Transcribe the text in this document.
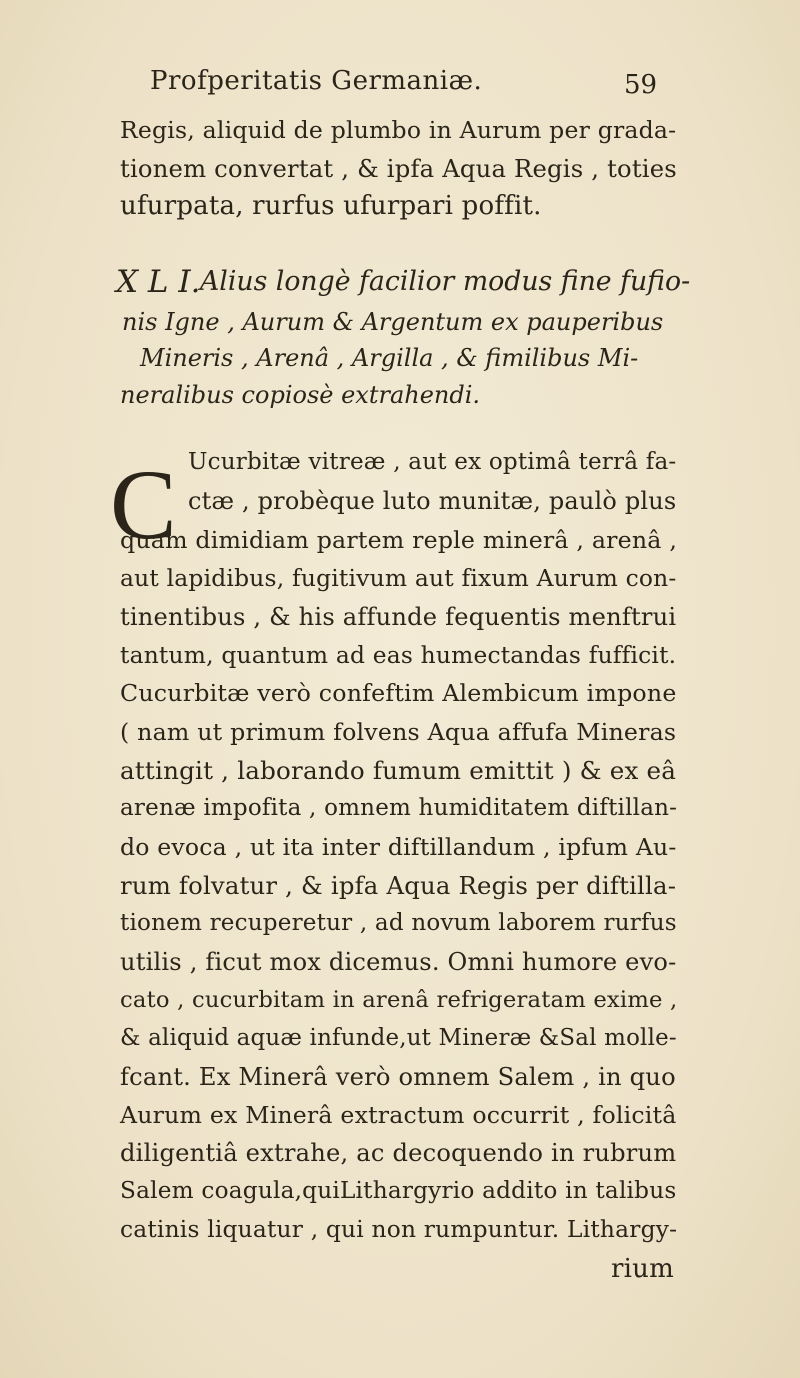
Profperitatis Germaniæ.	59
Regis, aliquid de plumbo in Aurum per grada-
tionem convertat , & ipfa Aqua Regis , toties
ufurpata, rurfus ufurpari poffit.
X L I. Alius longè facilior modus fine fufio-
nis Igne , Aurum & Argentum ex pauperibus
Mineris , Arenâ , Argilla , & fimilibus Mi-
neralibus copiosè extrahendi.
C Ucurbitæ vitreæ , aut ex optimâ terrâ fa-
ctæ , probèque luto munitæ, paulò plus
quam dimidiam partem reple minerâ , arenâ ,
aut lapidibus, fugitivum aut fixum Aurum con-
tinentibus , & his affunde fequentis menftrui
tantum, quantum ad eas humectandas fufficit.
Cucurbitæ verò confeftim Alembicum impone
( nam ut primum folvens Aqua affufa Mineras
attingit , laborando fumum emittit ) & ex eâ
arenæ impofita , omnem humiditatem diftillan-
do evoca , ut ita inter diftillandum , ipfum Au-
rum folvatur , & ipfa Aqua Regis per diftilla-
tionem recuperetur , ad novum laborem rurfus
utilis , ficut mox dicemus. Omni humore evo-
cato , cucurbitam in arenâ refrigeratam exime ,
& aliquid aquæ infunde,ut Mineræ &Sal molle-
fcant. Ex Minerâ verò omnem Salem , in quo
Aurum ex Minerâ extractum occurrit , folicitâ
diligentiâ extrahe, ac decoquendo in rubrum
Salem coagula,quiLithargyrio addito in talibus
catinis liquatur , qui non rumpuntur. Lithargy-
rium
